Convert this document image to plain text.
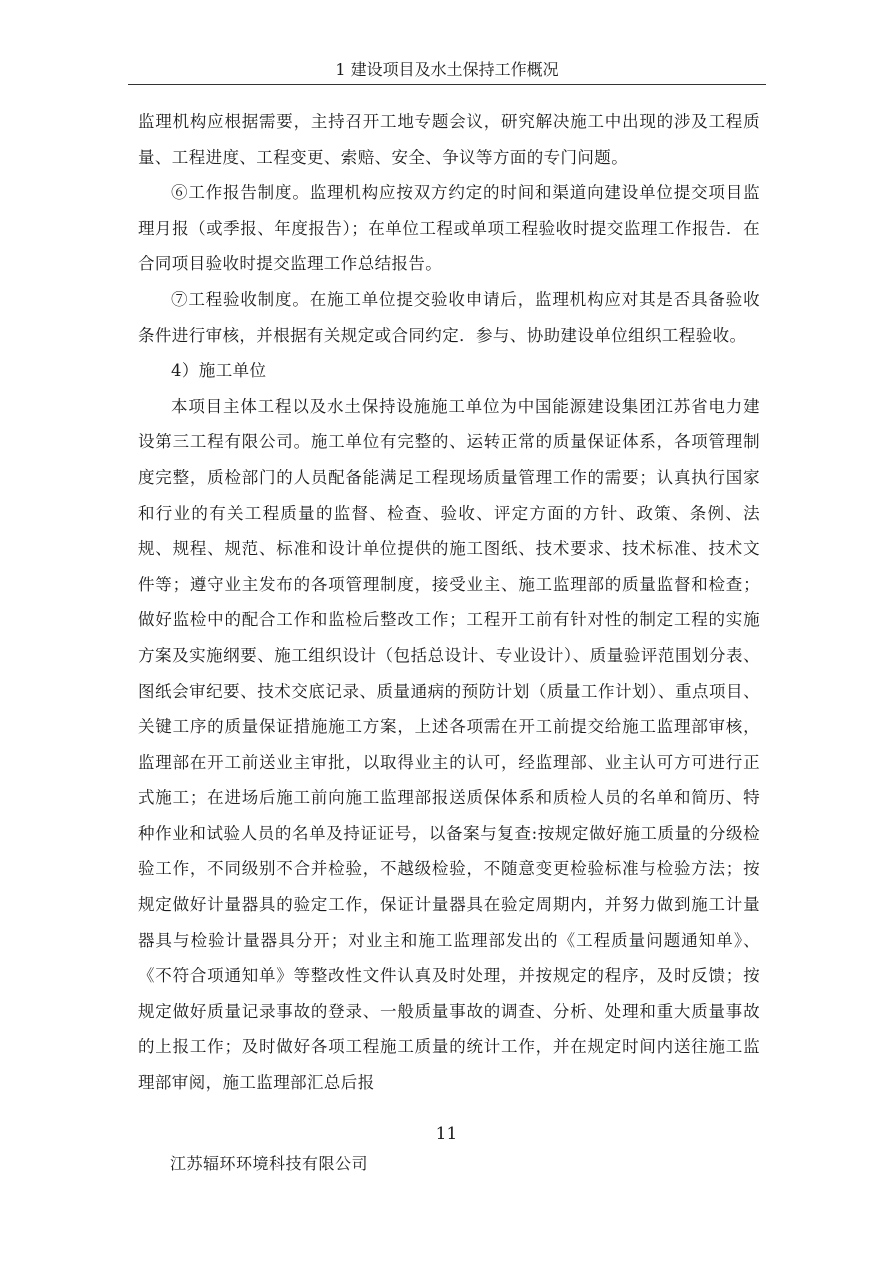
1 建设项目及水土保持工作概况

监理机构应根据需要，主持召开工地专题会议，研究解决施工中出现的涉及工程质量、工程进度、工程变更、索赔、安全、争议等方面的专门问题。

⑥工作报告制度。监理机构应按双方约定的时间和渠道向建设单位提交项目监理月报（或季报、年度报告）；在单位工程或单项工程验收时提交监理工作报告．在合同项目验收时提交监理工作总结报告。

⑦工程验收制度。在施工单位提交验收申请后，监理机构应对其是否具备验收条件进行审核，并根据有关规定或合同约定．参与、协助建设单位组织工程验收。

4）施工单位

本项目主体工程以及水土保持设施施工单位为中国能源建设集团江苏省电力建设第三工程有限公司。施工单位有完整的、运转正常的质量保证体系，各项管理制度完整，质检部门的人员配备能满足工程现场质量管理工作的需要；认真执行国家和行业的有关工程质量的监督、检查、验收、评定方面的方针、政策、条例、法规、规程、规范、标准和设计单位提供的施工图纸、技术要求、技术标准、技术文件等；遵守业主发布的各项管理制度，接受业主、施工监理部的质量监督和检查；做好监检中的配合工作和监检后整改工作；工程开工前有针对性的制定工程的实施方案及实施纲要、施工组织设计（包括总设计、专业设计）、质量验评范围划分表、图纸会审纪要、技术交底记录、质量通病的预防计划（质量工作计划）、重点项目、关键工序的质量保证措施施工方案，上述各项需在开工前提交给施工监理部审核，监理部在开工前送业主审批，以取得业主的认可，经监理部、业主认可方可进行正式施工；在进场后施工前向施工监理部报送质保体系和质检人员的名单和简历、特种作业和试验人员的名单及持证证号，以备案与复查:按规定做好施工质量的分级检验工作，不同级别不合并检验，不越级检验，不随意变更检验标准与检验方法；按规定做好计量器具的验定工作，保证计量器具在验定周期内，并努力做到施工计量器具与检验计量器具分开；对业主和施工监理部发出的《工程质量问题通知单》、《不符合项通知单》等整改性文件认真及时处理，并按规定的程序，及时反馈；按规定做好质量记录事故的登录、一般质量事故的调查、分析、处理和重大质量事故的上报工作；及时做好各项工程施工质量的统计工作，并在规定时间内送往施工监理部审阅，施工监理部汇总后报

11
江苏辐环环境科技有限公司
